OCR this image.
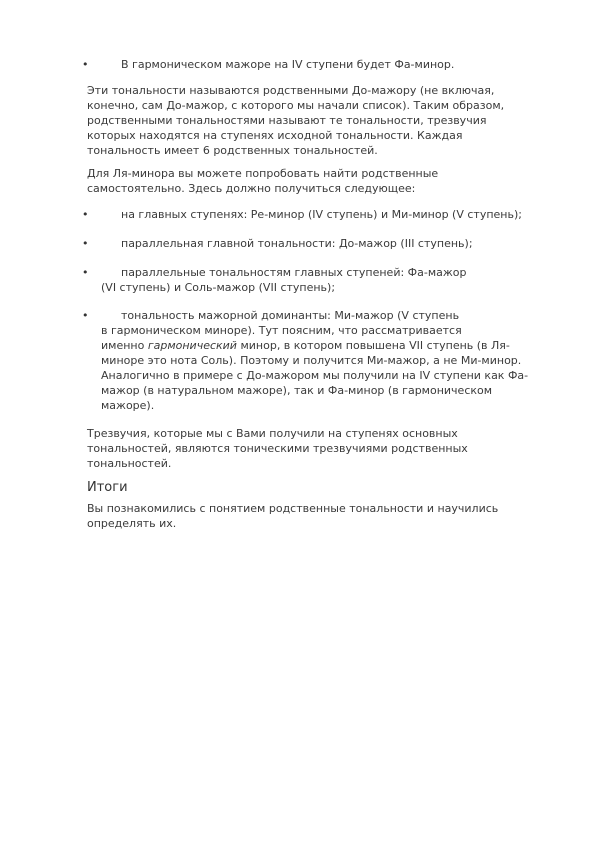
•	В гармоническом мажоре на IV ступени будет Фа-минор.
Эти тональности называются родственными До-мажору (не включая,
конечно, сам До-мажор, с которого мы начали список). Таким образом,
родственными тональностями называют те тональности, трезвучия
которых находятся на ступенях исходной тональности. Каждая
тональность имеет 6 родственных тональностей.
Для Ля-минора вы можете попробовать найти родственные
самостоятельно. Здесь должно получиться следующее:
•	на главных ступенях: Ре-минор (IV ступень) и Ми-минор (V ступень);
•	параллельная главной тональности: До-мажор (III ступень);
•	параллельные тональностям главных ступеней: Фа-мажор
(VI ступень) и Соль-мажор (VII ступень);
•	тональность мажорной доминанты: Ми-мажор (V ступень
в гармоническом миноре). Тут поясним, что рассматривается
именно гармонический минор, в котором повышена VII ступень (в Ля-
миноре это нота Соль). Поэтому и получится Ми-мажор, а не Ми-минор.
Аналогично в примере с До-мажором мы получили на IV ступени как Фа-
мажор (в натуральном мажоре), так и Фа-минор (в гармоническом
мажоре).
Трезвучия, которые мы с Вами получили на ступенях основных
тональностей, являются тоническими трезвучиями родственных
тональностей.
Итоги
Вы познакомились с понятием родственные тональности и научились
определять их.
